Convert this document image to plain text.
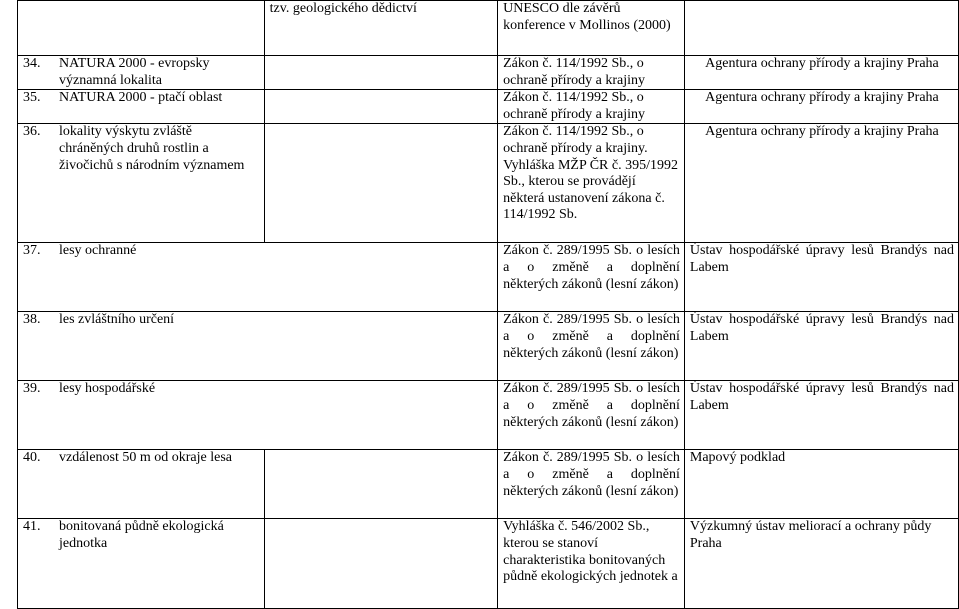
	tzv. geologického dědictví	UNESCO dle závěrů konference v Mollinos (2000)	

34. NATURA 2000 - evropsky významná lokalita		Zákon č. 114/1992 Sb., o ochraně přírody a krajiny	Agentura ochrany přírody a krajiny Praha

35. NATURA 2000 - ptačí oblast		Zákon č. 114/1992 Sb., o ochraně přírody a krajiny	Agentura ochrany přírody a krajiny Praha

36. lokality výskytu zvláště chráněných druhů rostlin a živočichů s národním významem		Zákon č. 114/1992 Sb., o ochraně přírody a krajiny. Vyhláška MŽP ČR č. 395/1992 Sb., kterou se provádějí některá ustanovení zákona č. 114/1992 Sb.	Agentura ochrany přírody a krajiny Praha

37. lesy ochranné		Zákon č. 289/1995 Sb. o lesích a o změně a doplnění některých zákonů (lesní zákon)	Ústav hospodářské úpravy lesů Brandýs nad Labem

38. les zvláštního určení		Zákon č. 289/1995 Sb. o lesích a o změně a doplnění některých zákonů (lesní zákon)	Ústav hospodářské úpravy lesů Brandýs nad Labem

39. lesy hospodářské		Zákon č. 289/1995 Sb. o lesích a o změně a doplnění některých zákonů (lesní zákon)	Ústav hospodářské úpravy lesů Brandýs nad Labem

40. vzdálenost 50 m od okraje lesa		Zákon č. 289/1995 Sb. o lesích a o změně a doplnění některých zákonů (lesní zákon)	Mapový podklad

41. bonitovaná půdně ekologická jednotka		Vyhláška č. 546/2002 Sb., kterou se stanoví charakteristika bonitovaných půdně ekologických jednotek a	Výzkumný ústav meliorací a ochrany půdy Praha
